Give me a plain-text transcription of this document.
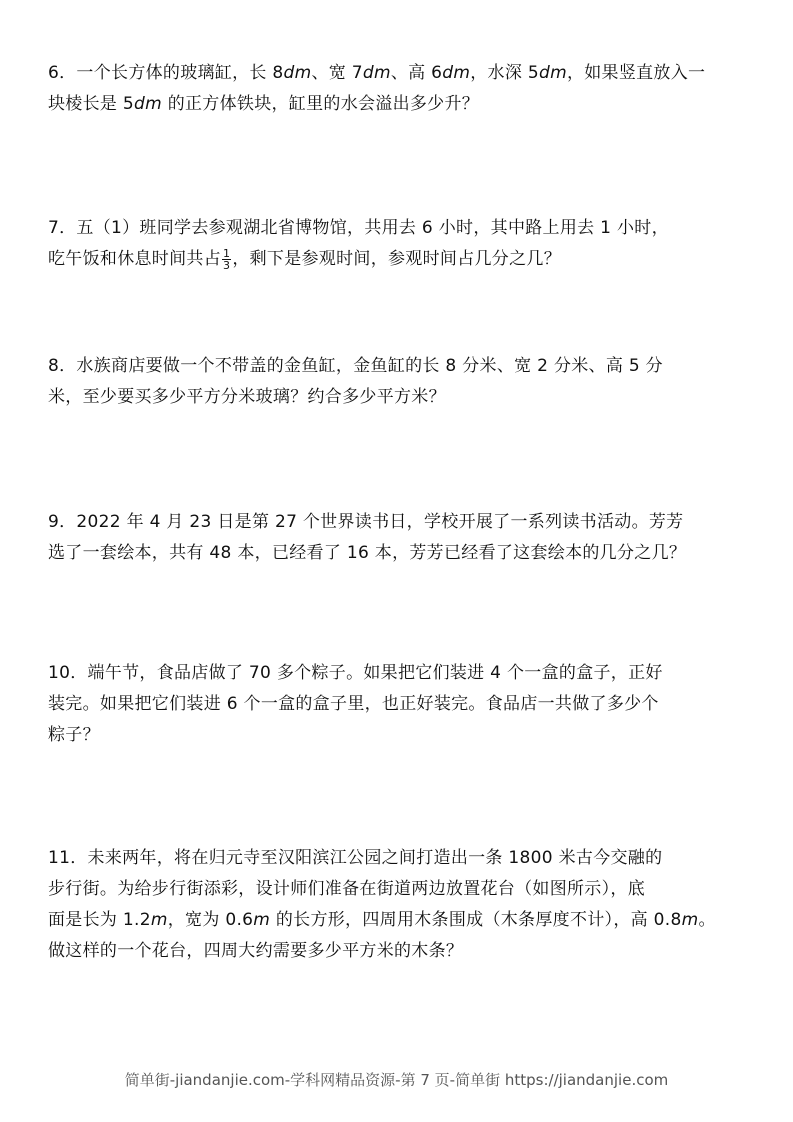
6．一个长方体的玻璃缸，长 8dm、宽 7dm、高 6dm，水深 5dm，如果竖直放入一

块棱长是 5dm 的正方体铁块，缸里的水会溢出多少升？

7．五（1）班同学去参观湖北省博物馆，共用去 6 小时，其中路上用去 1 小时，

吃午饭和休息时间共占 $\frac{1}{3}$ ，剩下是参观时间，参观时间占几分之几？

8．水族商店要做一个不带盖的金鱼缸，金鱼缸的长 8 分米、宽 2 分米、高 5 分

米，至少要买多少平方分米玻璃？约合多少平方米？

9．2022 年 4 月 23 日是第 27 个世界读书日，学校开展了一系列读书活动。芳芳

选了一套绘本，共有 48 本，已经看了 16 本，芳芳已经看了这套绘本的几分之几？

10．端午节，食品店做了 70 多个粽子。如果把它们装进 4 个一盒的盒子，正好

装完。如果把它们装进 6 个一盒的盒子里，也正好装完。食品店一共做了多少个

粽子？

11．未来两年，将在归元寺至汉阳滨江公园之间打造出一条 1800 米古今交融的

步行街。为给步行街添彩，设计师们准备在街道两边放置花台（如图所示），底

面是长为 1.2m，宽为 0.6m 的长方形，四周用木条围成（木条厚度不计），高 0.8m。

做这样的一个花台，四周大约需要多少平方米的木条？

简单街-jiandanjie.com-学科网精品资源-第 7 页-简单街 https://jiandanjie.com
